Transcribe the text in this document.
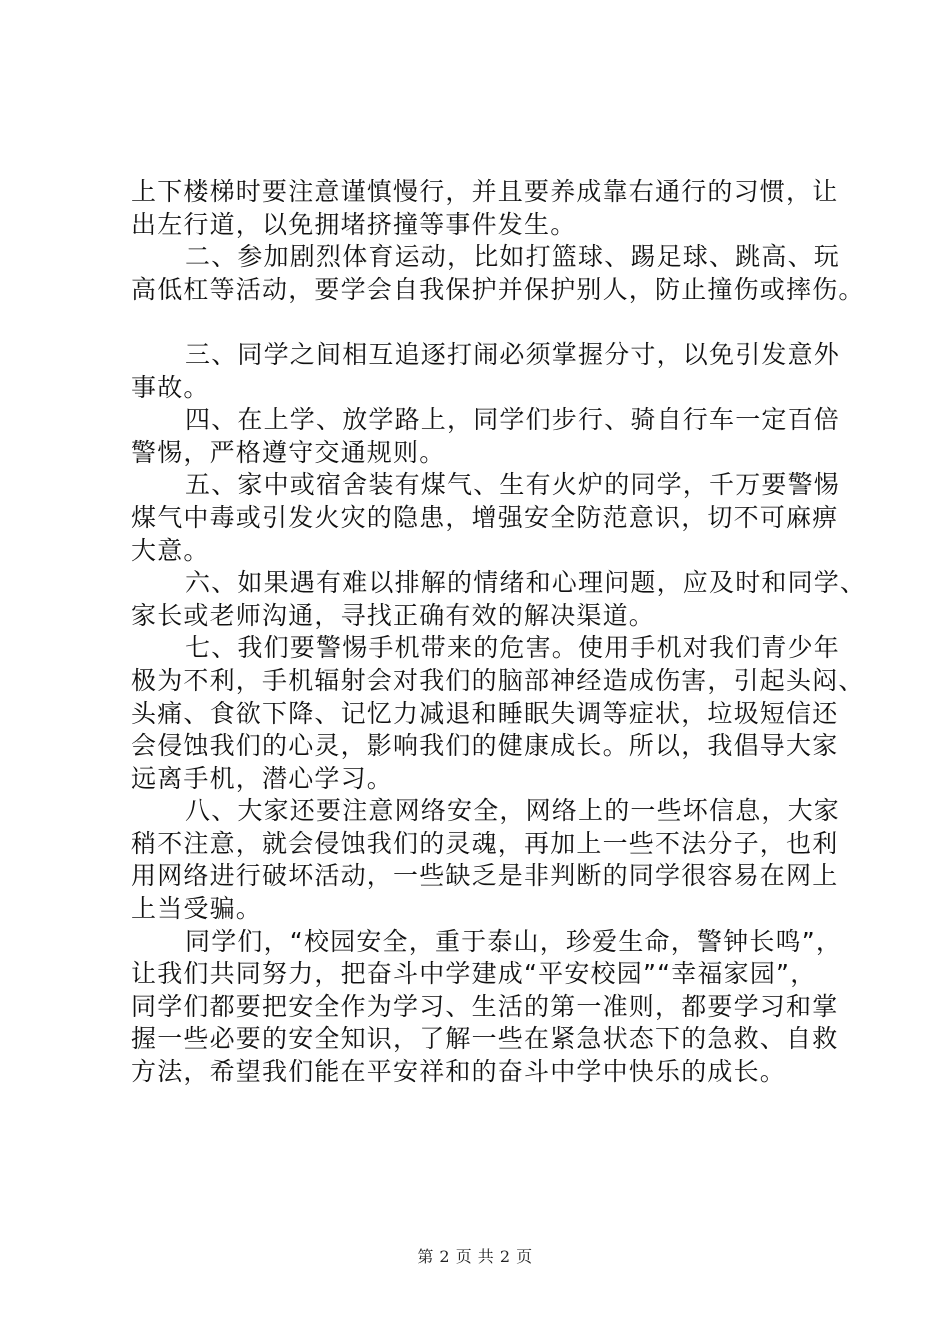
上下楼梯时要注意谨慎慢行，并且要养成靠右通行的习惯，让
出左行道，以免拥堵挤撞等事件发生。
二、参加剧烈体育运动，比如打篮球、踢足球、跳高、玩
高低杠等活动，要学会自我保护并保护别人，防止撞伤或摔伤。
三、同学之间相互追逐打闹必须掌握分寸，以免引发意外
事故。
四、在上学、放学路上，同学们步行、骑自行车一定百倍
警惕，严格遵守交通规则。
五、家中或宿舍装有煤气、生有火炉的同学，千万要警惕
煤气中毒或引发火灾的隐患，增强安全防范意识，切不可麻痹
大意。
六、如果遇有难以排解的情绪和心理问题，应及时和同学、
家长或老师沟通，寻找正确有效的解决渠道。
七、我们要警惕手机带来的危害。使用手机对我们青少年
极为不利，手机辐射会对我们的脑部神经造成伤害，引起头闷、
头痛、食欲下降、记忆力减退和睡眠失调等症状，垃圾短信还
会侵蚀我们的心灵，影响我们的健康成长。所以，我倡导大家
远离手机，潜心学习。
八、大家还要注意网络安全，网络上的一些坏信息，大家
稍不注意，就会侵蚀我们的灵魂，再加上一些不法分子，也利
用网络进行破坏活动，一些缺乏是非判断的同学很容易在网上
上当受骗。
同学们，“校园安全，重于泰山，珍爱生命，警钟长鸣”，
让我们共同努力，把奋斗中学建成“平安校园”“幸福家园”，
同学们都要把安全作为学习、生活的第一准则，都要学习和掌
握一些必要的安全知识，了解一些在紧急状态下的急救、自救
方法，希望我们能在平安祥和的奋斗中学中快乐的成长。
第 2 页 共 2 页
